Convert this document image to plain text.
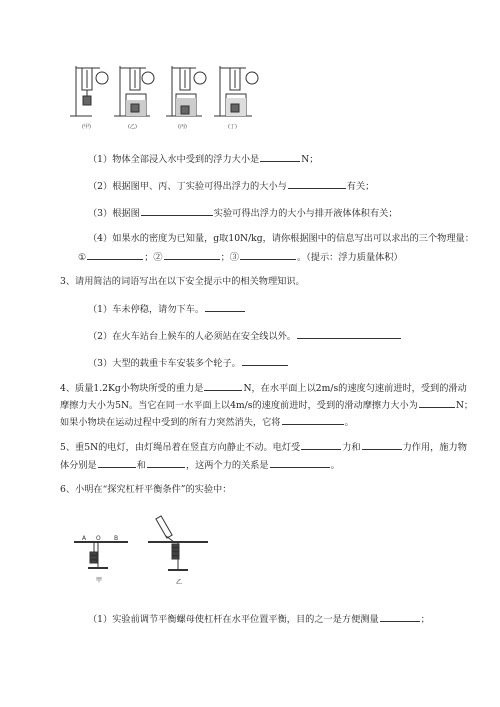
(甲)	(乙)	(丙)	(丁)
（1）物体全部浸入水中受到的浮力大小是	N；
（2）根据图甲、丙、丁实验可得出浮力的大小与	有关；
（3）根据图	实验可得出浮力的大小与排开液体体积有关；
（4）如果水的密度为已知量，g取10N/kg，请你根据图中的信息写出可以求出的三个物理量：
①	；②	；③	。（提示：浮力质量体积）
3、请用简洁的词语写出在以下安全提示中的相关物理知识。
（1）车未停稳，请勿下车。
（2）在火车站台上候车的人必须站在安全线以外。
（3）大型的载重卡车安装多个轮子。
4、质量1.2Kg小物块所受的重力是	N，在水平面上以2m/s的速度匀速前进时，受到的滑动
摩擦力大小为5N。当它在同一水平面上以4m/s的速度前进时，受到的滑动摩擦力大小为	N；
如果小物块在运动过程中受到的所有力突然消失，它将	。
5、重5N的电灯，由灯绳吊着在竖直方向静止不动。电灯受	力和	力作用，施力物
体分别是	和	，这两个力的关系是	。
6、小明在“探究杠杆平衡条件”的实验中：
A O B
甲	乙
（1）实验前调节平衡螺母使杠杆在水平位置平衡，目的之一是方便测量	；
